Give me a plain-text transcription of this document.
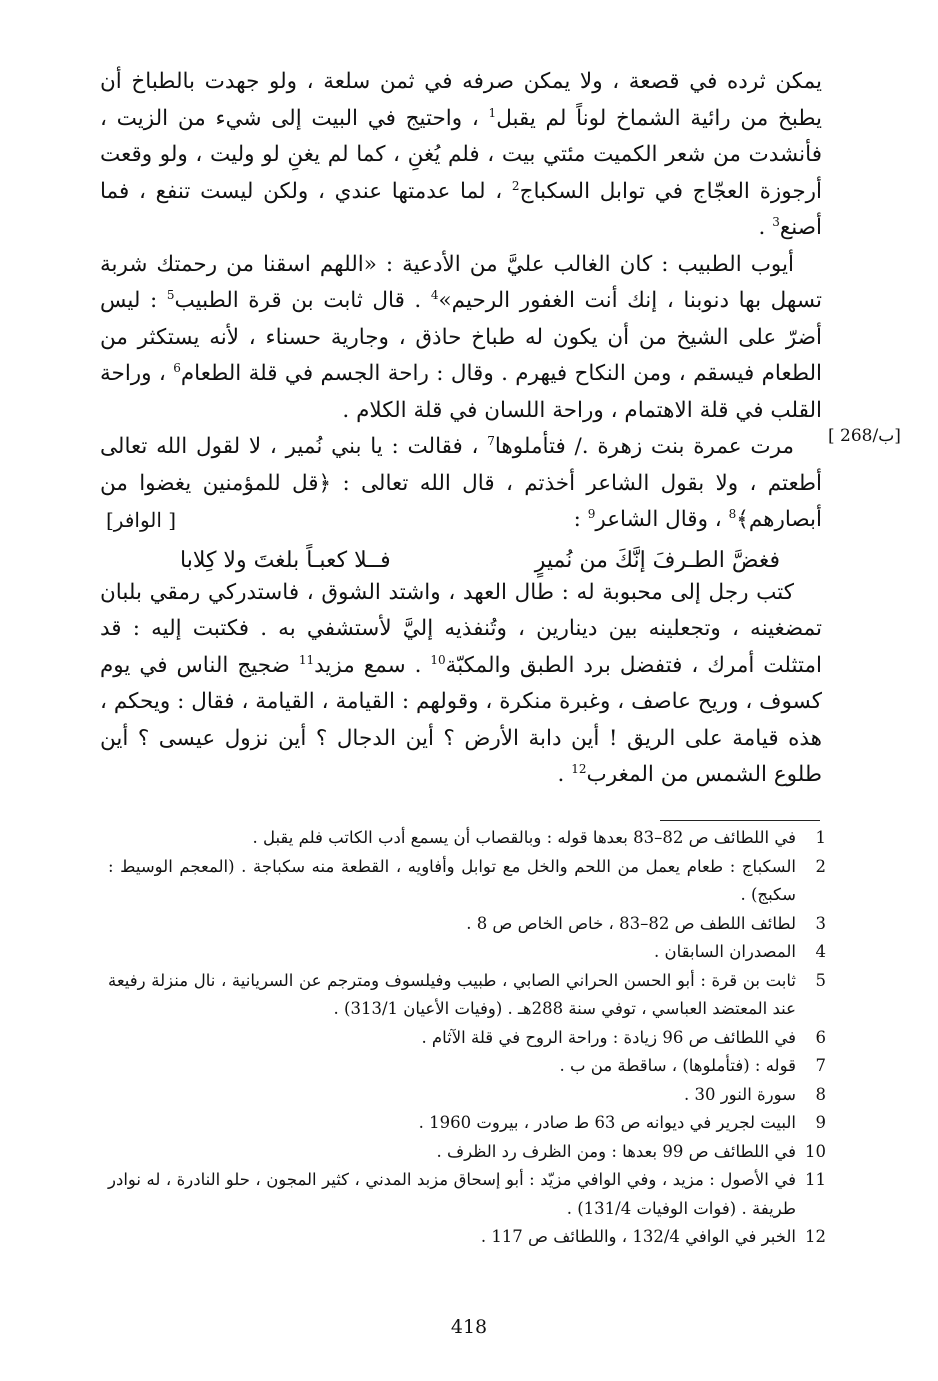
يمكن ثرده في قصعة ، ولا يمكن صرفه في ثمن سلعة ، ولو جهدت بالطباخ أن يطبخ من رائية الشماخ لوناً لم يقبل$^1$ ، واحتيج في البيت إلى شيء من الزيت ، فأنشدت من شعر الكميت مئتي بيت ، فلم يُغنِ ، كما لم يغنِ لو وليت ، ولو وقعت أرجوزة العجّاج في توابل السكباج$^2$ ، لما عدمتها عندي ، ولكن ليست تنفع ، فما أصنع$^3$ .

أيوب الطبيب : كان الغالب عليَّ من الأدعية : «اللهم اسقنا من رحمتك شربة تسهل بها دنوبنا ، إنك أنت الغفور الرحيم»$^4$ . قال ثابت بن قرة الطبيب$^5$ : ليس أضرّ على الشيخ من أن يكون له طباخ حاذق ، وجارية حسناء ، لأنه يستكثر من الطعام فيسقم ، ومن النكاح فيهرم . وقال : راحة الجسم في قلة الطعام$^6$ ، وراحة القلب في قلة الاهتمام ، وراحة اللسان في قلة الكلام .

مرت عمرة بنت زهرة ./ فتأملوها$^7$ ، فقالت : يا بني نُمير ، لا لقول الله تعالى أطعتم ، ولا بقول الشاعر أخذتم ، قال الله تعالى : ﴿قل للمؤمنين يغضوا من أبصارهم﴾$^8$ ، وقال الشاعر$^9$ :

كتب رجل إلى محبوبة له : طال العهد ، واشتد الشوق ، فاستدركي رمقي بلبان تمضغينه ، وتجعلينه بين دينارين ، وتُنفذيه إليَّ لأستشفي به . فكتبت إليه : قد امتثلت أمرك ، فتفضل برد الطبق والمكبّة$^{10}$ . سمع مزيد$^{11}$ ضجيج الناس في يوم كسوف ، وريح عاصف ، وغبرة منكرة ، وقولهم : القيامة ، القيامة ، فقال : ويحكم ، هذه قيامة على الريق ! أين دابة الأرض ؟ أين الدجال ؟ أين نزول عيسى ؟ أين طلوع الشمس من المغرب$^{12}$ .

[ 268/ب]
[ الوافر]
فغضَّ الطـرفَ إنَّكَ من نُميرٍ
فــلا كعبـاً بلغتَ ولا كِلابا
1
في اللطائف ص 82–83 بعدها قوله : وبالقصاب أن يسمع أدب الكاتب فلم يقبل .
2
السكباج : طعام يعمل من اللحم والخل مع توابل وأفاويه ، القطعة منه سكباجة . (المعجم الوسيط : سكبج) .
3
لطائف اللطف ص 82–83 ، خاص الخاص ص 8 .
4
المصدران السابقان .
5
ثابت بن قرة : أبو الحسن الحراني الصابي ، طبيب وفيلسوف ومترجم عن السريانية ، نال منزلة رفيعة عند المعتضد العباسي ، توفي سنة 288هـ . (وفيات الأعيان 313/1) .
6
في اللطائف ص 96 زيادة : وراحة الروح في قلة الآثام .
7
قوله : (فتأملوها) ، ساقطة من ب .
8
سورة النور 30 .
9
البيت لجرير في ديوانه ص 63 ط صادر ، بيروت 1960 .
10
في اللطائف ص 99 بعدها : ومن الظرف رد الظرف .
11
في الأصول : مزيد ، وفي الوافي مزيّد : أبو إسحاق مزبد المدني ، كثير المجون ، حلو النادرة ، له نوادر طريفة . (فوات الوفيات 131/4) .
12
الخبر في الوافي 132/4 ، واللطائف ص 117 .
418
